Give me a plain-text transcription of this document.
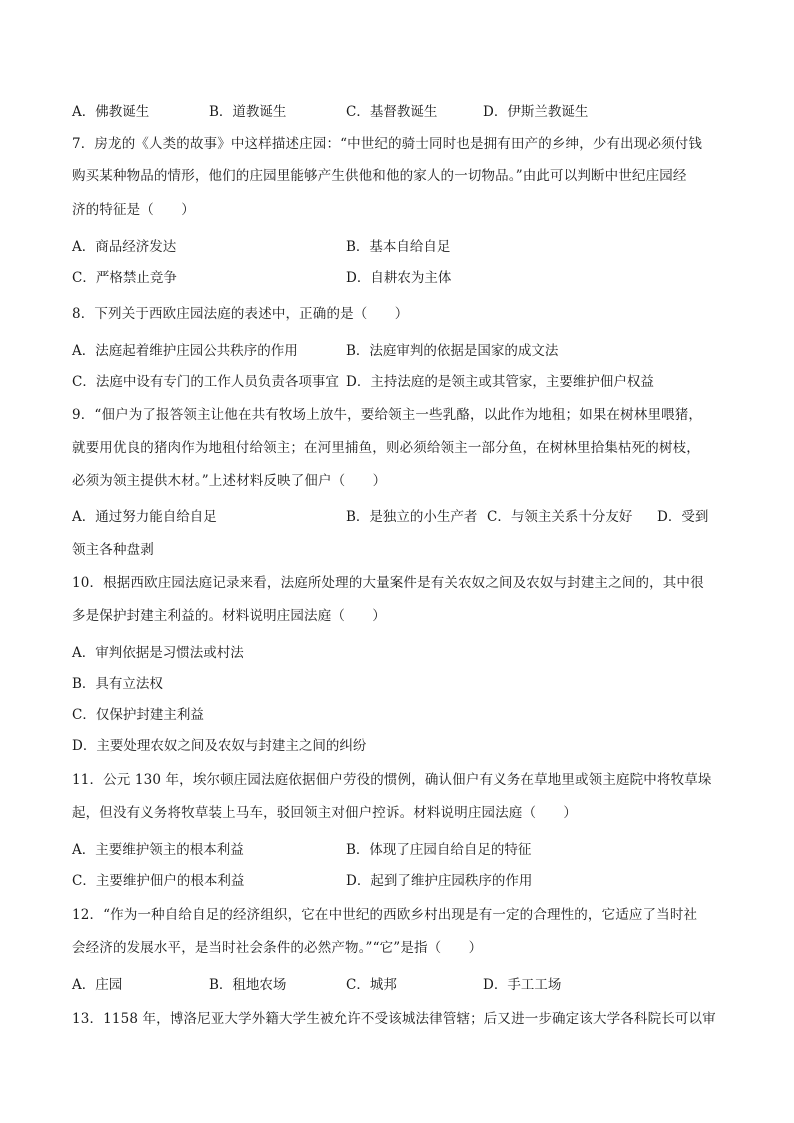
A．佛教诞生	B．道教诞生	C．基督教诞生	D．伊斯兰教诞生
7．房龙的《人类的故事》中这样描述庄园：“中世纪的骑士同时也是拥有田产的乡绅，少有出现必须付钱
购买某种物品的情形，他们的庄园里能够产生供他和他的家人的一切物品。”由此可以判断中世纪庄园经
济的特征是（　　）
A．商品经济发达	B．基本自给自足
C．严格禁止竞争	D．自耕农为主体
8．下列关于西欧庄园法庭的表述中，正确的是（　　）
A．法庭起着维护庄园公共秩序的作用	B．法庭审判的依据是国家的成文法
C．法庭中设有专门的工作人员负责各项事宜 D．主持法庭的是领主或其管家，主要维护佃户权益
9．“佃户为了报答领主让他在共有牧场上放牛，要给领主一些乳酪，以此作为地租；如果在树林里喂猪，
就要用优良的猪肉作为地租付给领主；在河里捕鱼，则必须给领主一部分鱼，在树林里拾集枯死的树枝，
必须为领主提供木材。”上述材料反映了佃户（　　）
A．通过努力能自给自足	B．是独立的小生产者 C．与领主关系十分友好 D．受到
领主各种盘剥
10．根据西欧庄园法庭记录来看，法庭所处理的大量案件是有关农奴之间及农奴与封建主之间的，其中很
多是保护封建主利益的。材料说明庄园法庭（　　）
A．审判依据是习惯法或村法
B．具有立法权
C．仅保护封建主利益
D．主要处理农奴之间及农奴与封建主之间的纠纷
11．公元 130 年，埃尔顿庄园法庭依据佃户劳役的惯例，确认佃户有义务在草地里或领主庭院中将牧草垛
起，但没有义务将牧草装上马车，驳回领主对佃户控诉。材料说明庄园法庭（　　）
A．主要维护领主的根本利益	B．体现了庄园自给自足的特征
C．主要维护佃户的根本利益	D．起到了维护庄园秩序的作用
12．“作为一种自给自足的经济组织，它在中世纪的西欧乡村出现是有一定的合理性的，它适应了当时社
会经济的发展水平，是当时社会条件的必然产物。”“它”是指（　　）
A．庄园	B．租地农场	C．城邦	D．手工工场
13．1158 年，博洛尼亚大学外籍大学生被允许不受该城法律管辖；后又进一步确定该大学各科院长可以审
